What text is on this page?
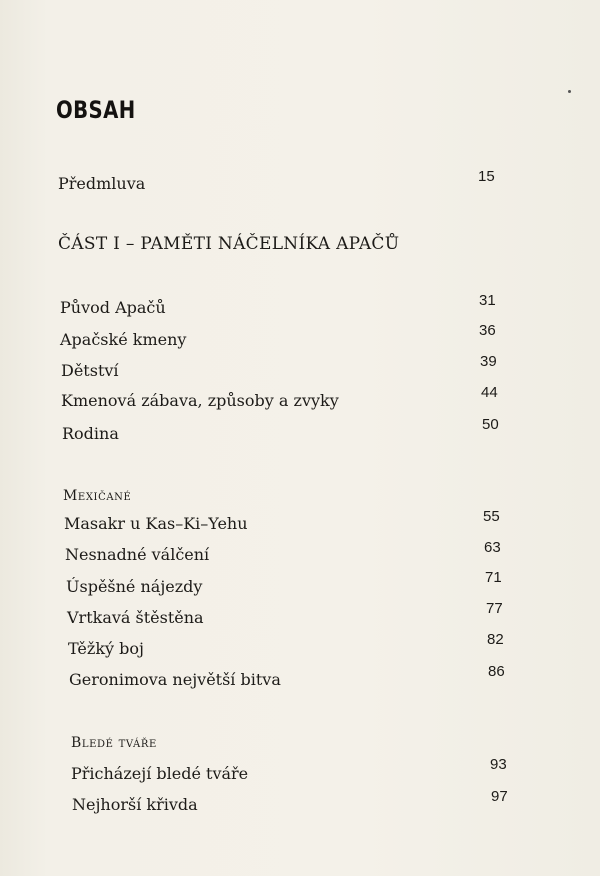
OBSAH
Předmluva	15
ČÁST I – PAMĚTI NÁČELNÍKA APAČŮ
Původ Apačů	31
Apačské kmeny	36
Dětství	39
Kmenová zábava, způsoby a zvyky	44
Rodina	50
Mexičané
Masakr u Kas–Ki–Yehu	55
Nesnadné válčení	63
Úspěšné nájezdy	71
Vrtkavá štěstěna	77
Těžký boj	82
Geronimova největší bitva	86
Bledé tváře
Přicházejí bledé tváře	93
Nejhorší křivda	97
